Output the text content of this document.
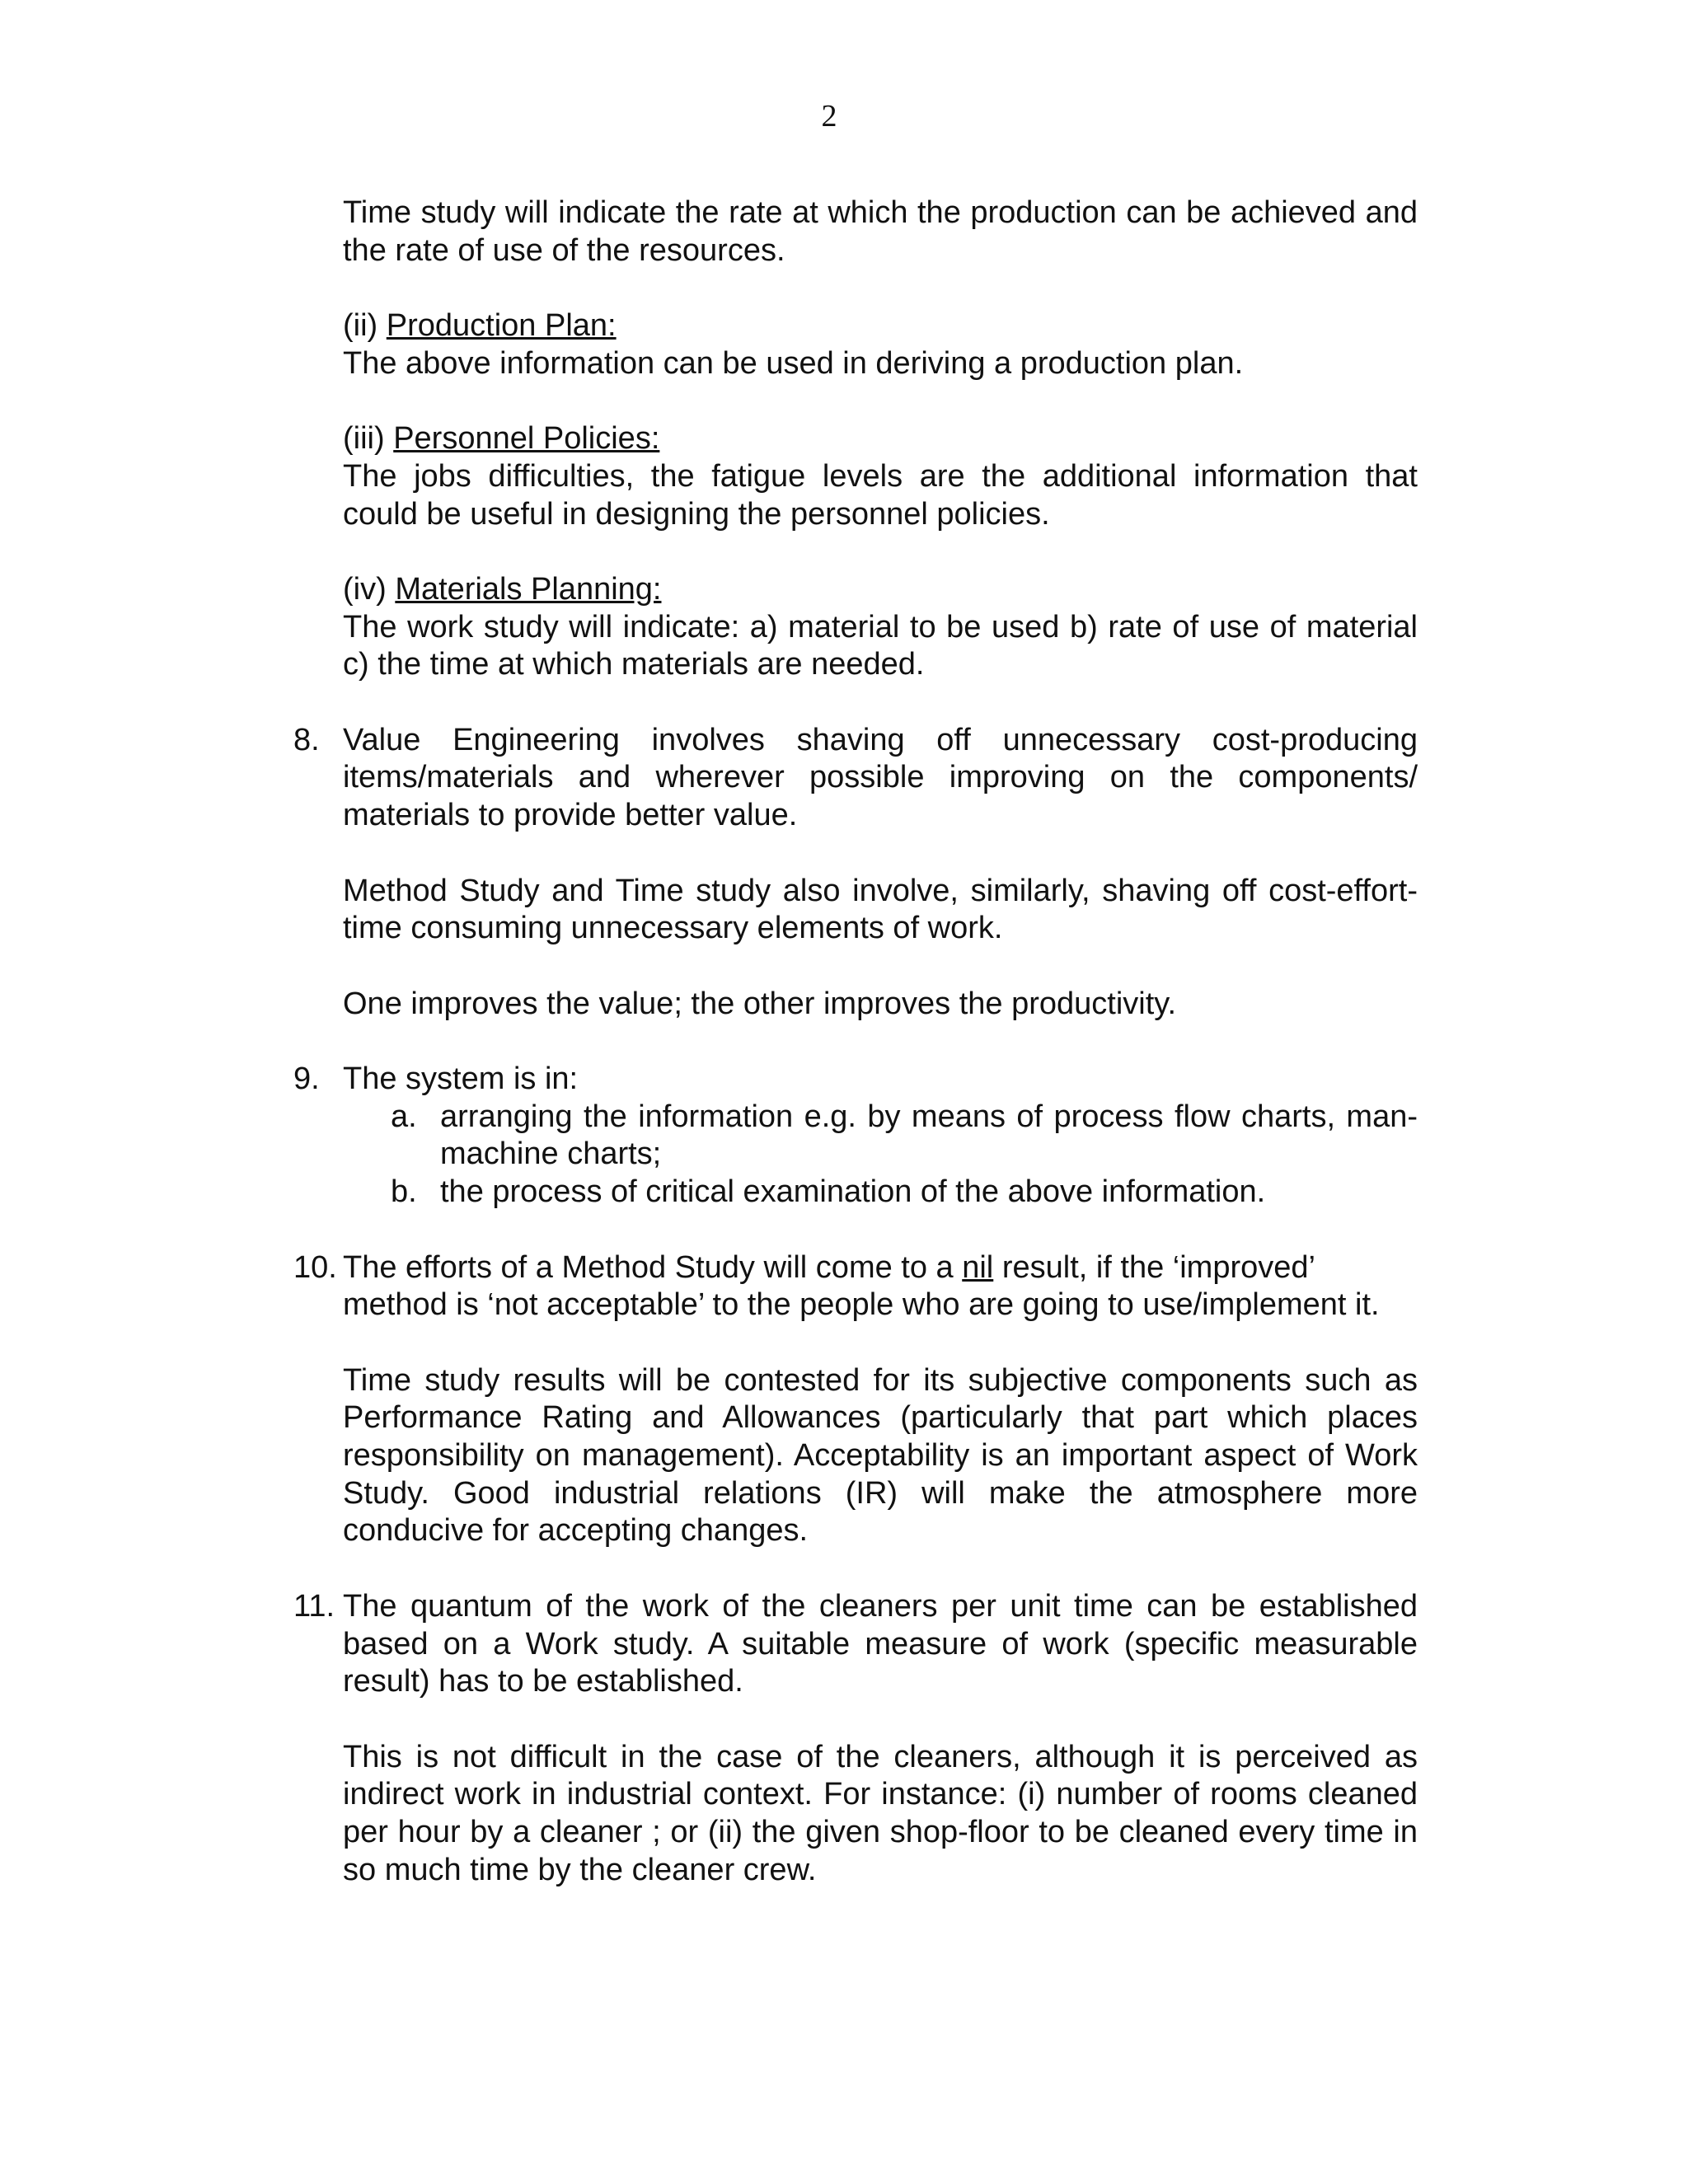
2

Time study will indicate the rate at which the production can be achieved and the rate of use of the resources.

(ii) Production Plan:
The above information can be used in deriving a production plan.

(iii) Personnel Policies:
The jobs difficulties, the fatigue levels are the additional information that could be useful in designing the personnel policies.
(iv) Materials Planning:
The work study will indicate: a) material to be used b) rate of use of material c) the time at which materials are needed.
8. Value Engineering involves shaving off unnecessary cost-producing items/materials and wherever possible improving on the components/ materials to provide better value.

Method Study and Time study also involve, similarly, shaving off cost-effort-time consuming unnecessary elements of work.

One improves the value; the other improves the productivity.

9. The system is in:
a. arranging the information e.g. by means of process flow charts, man-machine charts;
b. the process of critical examination of the above information.
10. The efforts of a Method Study will come to a nil result, if the ‘improved’ method is ‘not acceptable’ to the people who are going to use/implement it.

Time study results will be contested for its subjective components such as Performance Rating and Allowances (particularly that part which places responsibility on management). Acceptability is an important aspect of Work Study. Good industrial relations (IR) will make the atmosphere more conducive for accepting changes.

11. The quantum of the work of the cleaners per unit time can be established based on a Work study. A suitable measure of work (specific measurable result) has to be established.

This is not difficult in the case of the cleaners, although it is perceived as indirect work in industrial context. For instance: (i) number of rooms cleaned per hour by a cleaner ; or (ii) the given shop-floor to be cleaned every time in so much time by the cleaner crew.
